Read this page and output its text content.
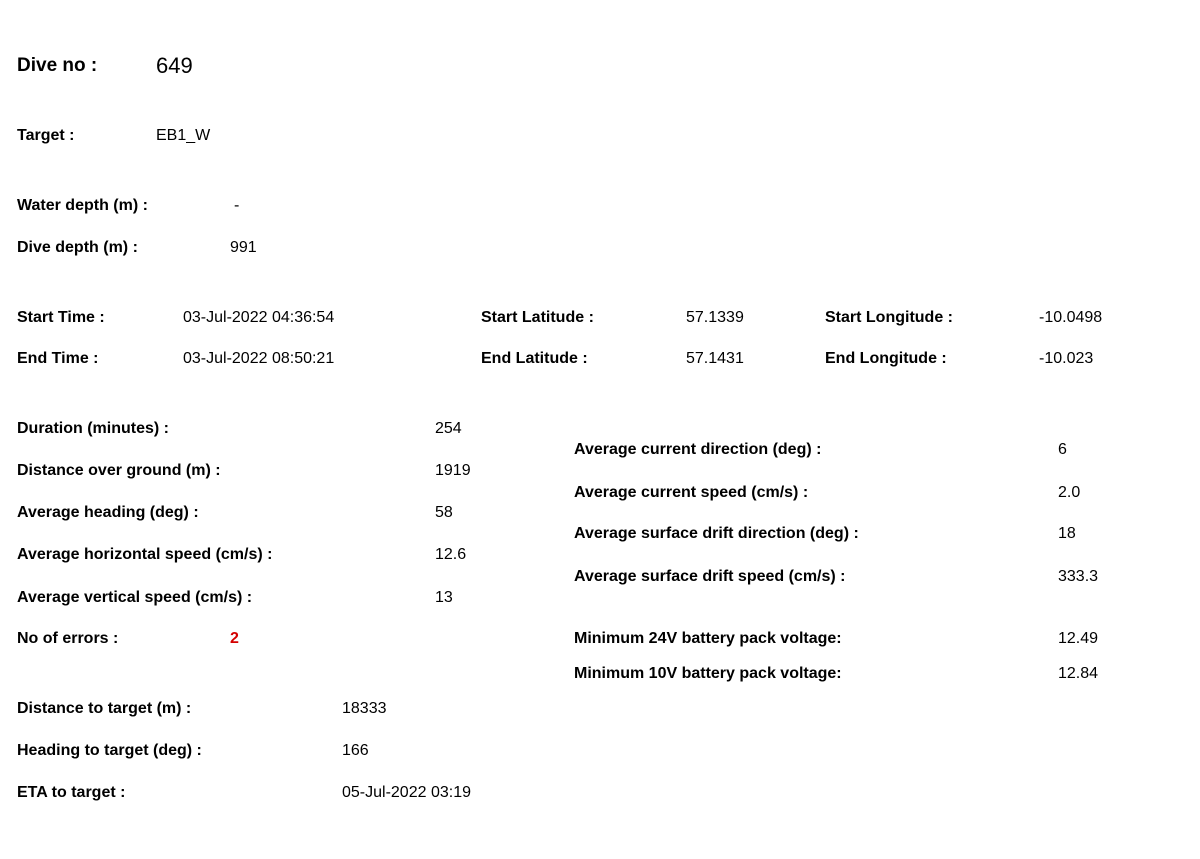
Dive no :	649
Target :	EB1_W
Water depth (m) :	-
Dive depth (m) :	991
Start Time :	03-Jul-2022 04:36:54
End Time :	03-Jul-2022 08:50:21
Start Latitude :	57.1339
End Latitude :	57.1431
Start Longitude :	-10.0498
End Longitude :	-10.023
Duration (minutes) :	254
Distance over ground (m) :	1919
Average heading (deg) :	58
Average horizontal speed (cm/s) :	12.6
Average vertical speed (cm/s) :	13
No of errors :	2
Average current direction (deg) :	6
Average current speed (cm/s) :	2.0
Average surface drift direction (deg) :	18
Average surface drift speed (cm/s) :	333.3
Minimum 24V battery pack voltage:	12.49
Minimum 10V battery pack voltage:	12.84
Distance to target (m) :	18333
Heading to target (deg) :	166
ETA to target :	05-Jul-2022 03:19
